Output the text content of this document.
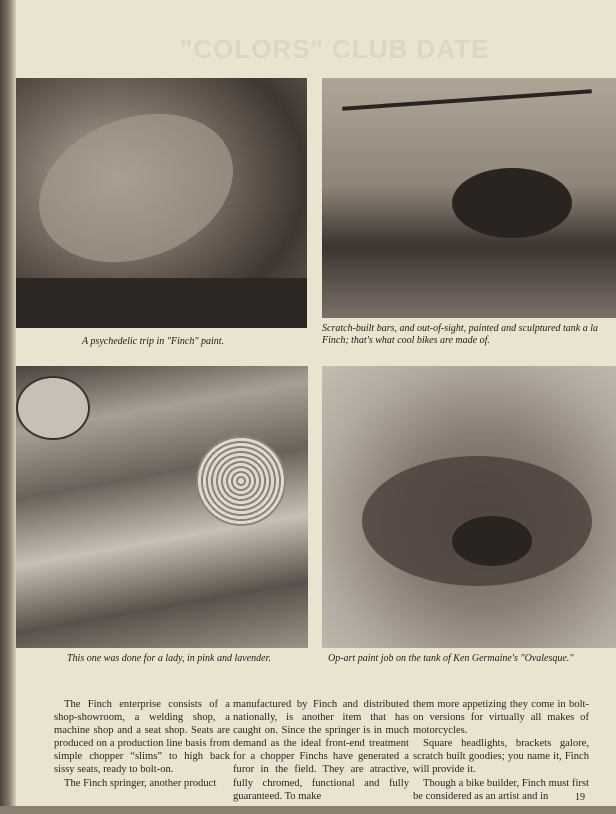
"COLORS" CLUB DATE
A psychedelic trip in "Finch" paint.
Scratch-built bars, and out-of-sight, painted and sculptured tank a la Finch; that's what cool bikes are made of.
This one was done for a lady, in pink and lavender.	Op-art paint job on the tank of Ken Germaine's "Ovalesque."

The Finch enterprise consists of a shop-showroom, a welding shop, a machine shop and a seat shop. Seats are produced on a production line basis from simple chopper “slims” to high back sissy seats, ready to bolt-on.

The Finch springer, another product

manufactured by Finch and distributed nationally, is another item that has caught on. Since the springer is in much demand as the ideal front-end treatment for a chopper Finchs have generated a furor in the field. They are atractive, fully chromed, functional and fully guaranteed. To make

them more appetizing they come in bolt-on versions for virtually all makes of motorcycles.

Square headlights, brackets galore, scratch built goodies; you name it, Finch will provide it.

Though a bike builder, Finch must first be considered as an artist and in	19
